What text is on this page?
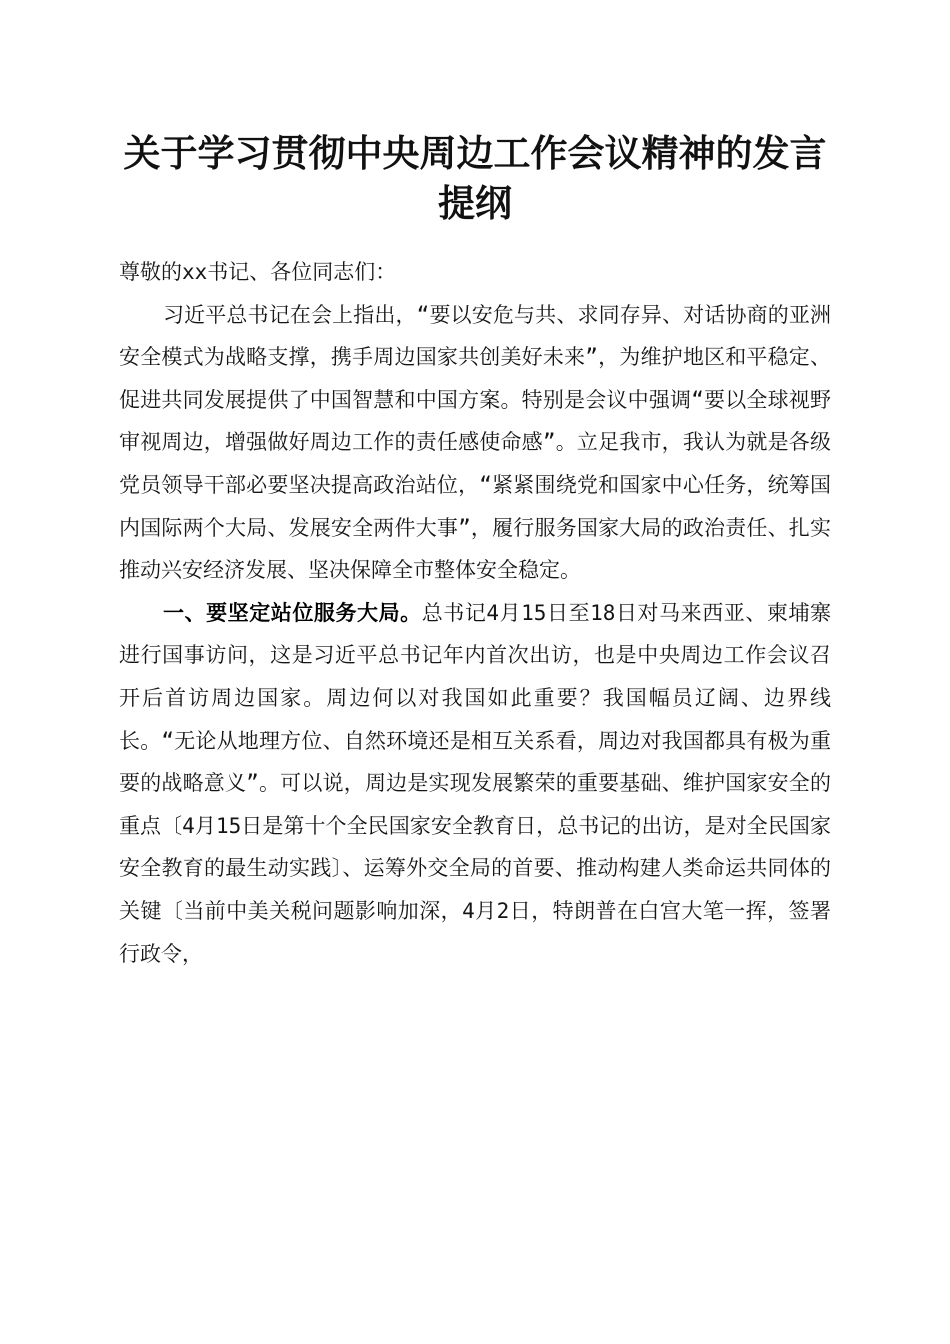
关于学习贯彻中央周边工作会议精神的发言提纲

尊敬的xx书记、各位同志们：

习近平总书记在会上指出，“要以安危与共、求同存异、对话协商的亚洲安全模式为战略支撑，携手周边国家共创美好未来”，为维护地区和平稳定、促进共同发展提供了中国智慧和中国方案。特别是会议中强调“要以全球视野审视周边，增强做好周边工作的责任感使命感”。立足我市，我认为就是各级党员领导干部必要坚决提高政治站位，“紧紧围绕党和国家中心任务，统筹国内国际两个大局、发展安全两件大事”，履行服务国家大局的政治责任、扎实推动兴安经济发展、坚决保障全市整体安全稳定。

一、要坚定站位服务大局。总书记4月15日至18日对马来西亚、柬埔寨进行国事访问，这是习近平总书记年内首次出访，也是中央周边工作会议召开后首访周边国家。周边何以对我国如此重要？我国幅员辽阔、边界线长。“无论从地理方位、自然环境还是相互关系看，周边对我国都具有极为重要的战略意义”。可以说，周边是实现发展繁荣的重要基础、维护国家安全的重点〔4月15日是第十个全民国家安全教育日，总书记的出访，是对全民国家安全教育的最生动实践〕、运筹外交全局的首要、推动构建人类命运共同体的关键〔当前中美关税问题影响加深，4月2日，特朗普在白宫大笔一挥，签署行政令，
